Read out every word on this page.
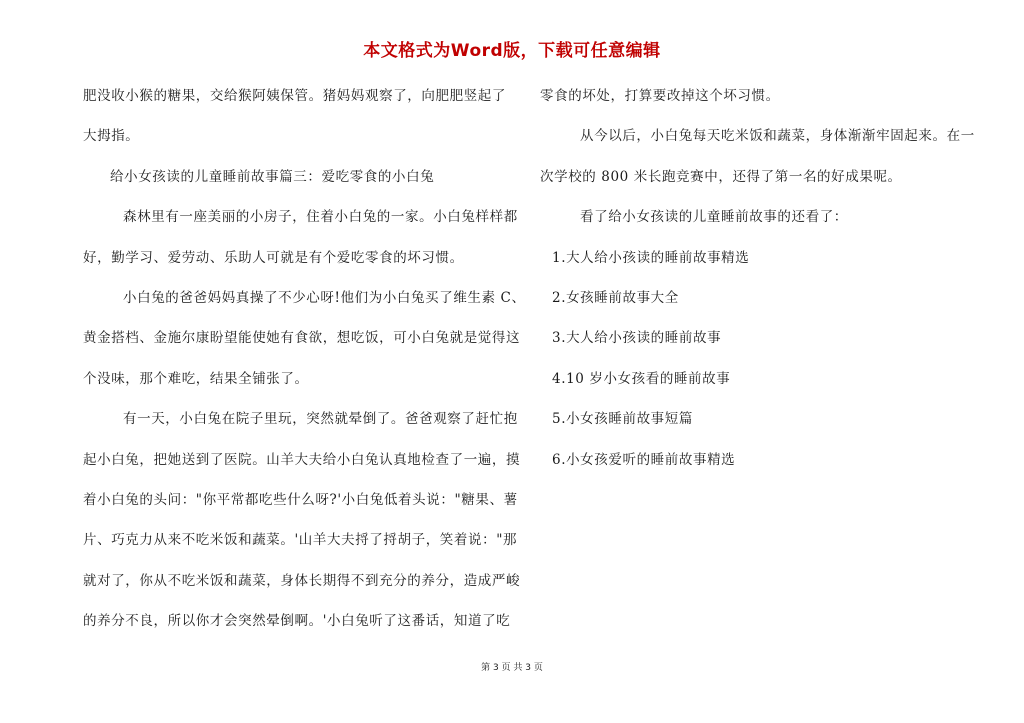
本文格式为Word版，下载可任意编辑
肥没收小猴的糖果，交给猴阿姨保管。猪妈妈观察了，向肥肥竖起了
大拇指。
给小女孩读的儿童睡前故事篇三：爱吃零食的小白兔
森林里有一座美丽的小房子，住着小白兔的一家。小白兔样样都
好，勤学习、爱劳动、乐助人可就是有个爱吃零食的坏习惯。
小白兔的爸爸妈妈真操了不少心呀!他们为小白兔买了维生素 C、
黄金搭档、金施尔康盼望能使她有食欲，想吃饭，可小白兔就是觉得这
个没味，那个难吃，结果全铺张了。
有一天，小白兔在院子里玩，突然就晕倒了。爸爸观察了赶忙抱
起小白兔，把她送到了医院。山羊大夫给小白兔认真地检查了一遍，摸
着小白兔的头问："你平常都吃些什么呀?'小白兔低着头说："糖果、薯
片、巧克力从来不吃米饭和蔬菜。'山羊大夫捋了捋胡子，笑着说："那
就对了，你从不吃米饭和蔬菜，身体长期得不到充分的养分，造成严峻
的养分不良，所以你才会突然晕倒啊。'小白兔听了这番话，知道了吃
零食的坏处，打算要改掉这个坏习惯。
从今以后，小白兔每天吃米饭和蔬菜，身体渐渐牢固起来。在一
次学校的 800 米长跑竞赛中，还得了第一名的好成果呢。
看了给小女孩读的儿童睡前故事的还看了：
1.大人给小孩读的睡前故事精选
2.女孩睡前故事大全
3.大人给小孩读的睡前故事
4.10 岁小女孩看的睡前故事
5.小女孩睡前故事短篇
6.小女孩爱听的睡前故事精选
第 3 页 共 3 页
